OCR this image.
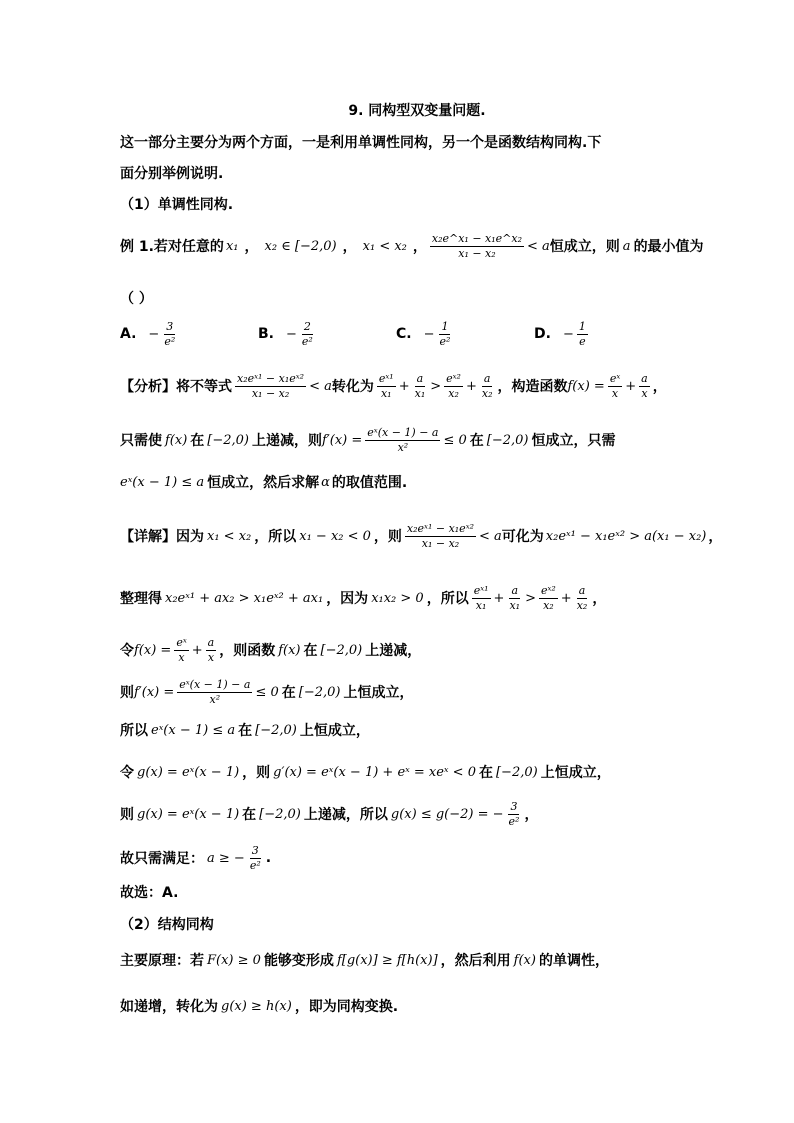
9. 同构型双变量问题.
这一部分主要分为两个方面，一是利用单调性同构，另一个是函数结构同构.下
面分别举例说明.
（1）单调性同构.
例 1.若对任意的 x₁ ， x₂ ∈ [−2,0) ， x₁ < x₂ ， $\frac{\text{x₂e\textasciicircum{}x₁ − x₁e\textasciicircum{}x₂}}{\text{x₁ − x₂}} < a$ 恒成立，则 a 的最小值为
（ ）
A. − $\frac{3}{\text{e²}}$	B. − $\frac{2}{\text{e²}}$	C. − $\frac{1}{\text{e²}}$	D. − $\frac{1}{e}$
【分析】将不等式 $\frac{\text{x₂eˣ¹ − x₁eˣ²}}{\text{x₁ − x₂}} < a$ 转化为 $\frac{\text{eˣ¹}}{\text{x₁}} + \frac{a}{\text{x₁}} > \frac{\text{eˣ²}}{\text{x₂}} + \frac{a}{\text{x₂}}$ ，构造函数 $f(x) = \frac{\text{eˣ}}{x} + \frac{a}{x}$ ，
只需使 f(x) 在 [−2,0) 上递减，则 $f'(x) = \frac{\text{eˣ(x − 1) − a}}{\text{x²}} \le 0$ 在 [−2,0) 恒成立，只需
eˣ(x − 1) ≤ a 恒成立，然后求解 α 的取值范围.
【详解】因为 x₁ < x₂ ，所以 x₁ − x₂ < 0 ，则 $\frac{\text{x₂eˣ¹ − x₁eˣ²}}{\text{x₁ − x₂}} < a$ 可化为 x₂eˣ¹ − x₁eˣ² > a(x₁ − x₂) ，
整理得 x₂eˣ¹ + ax₂ > x₁eˣ² + ax₁ ，因为 x₁x₂ > 0 ，所以 $\frac{\text{eˣ¹}}{\text{x₁}} + \frac{a}{\text{x₁}} > \frac{\text{eˣ²}}{\text{x₂}} + \frac{a}{\text{x₂}}$ ，
令 $f(x) = \frac{\text{eˣ}}{x} + \frac{a}{x}$ ，则函数 f(x) 在 [−2,0) 上递减，
则 $f'(x) = \frac{\text{eˣ(x − 1) − a}}{\text{x²}} \le 0$ 在 [−2,0) 上恒成立，
所以 eˣ(x − 1) ≤ a 在 [−2,0) 上恒成立，
令 g(x) = eˣ(x − 1) ，则 g′(x) = eˣ(x − 1) + eˣ = xeˣ < 0 在 [−2,0) 上恒成立，
则 g(x) = eˣ(x − 1) 在 [−2,0) 上递减，所以 g(x) ≤ g(−2) = − $\frac{3}{\text{e²}}$ ，
故只需满足： a ≥ − $\frac{3}{\text{e²}}$ .
故选：A.
（2）结构同构
主要原理：若 F(x) ≥ 0 能够变形成 f[g(x)] ≥ f[h(x)] ，然后利用 f(x) 的单调性，
如递增，转化为 g(x) ≥ h(x) ，即为同构变换.
